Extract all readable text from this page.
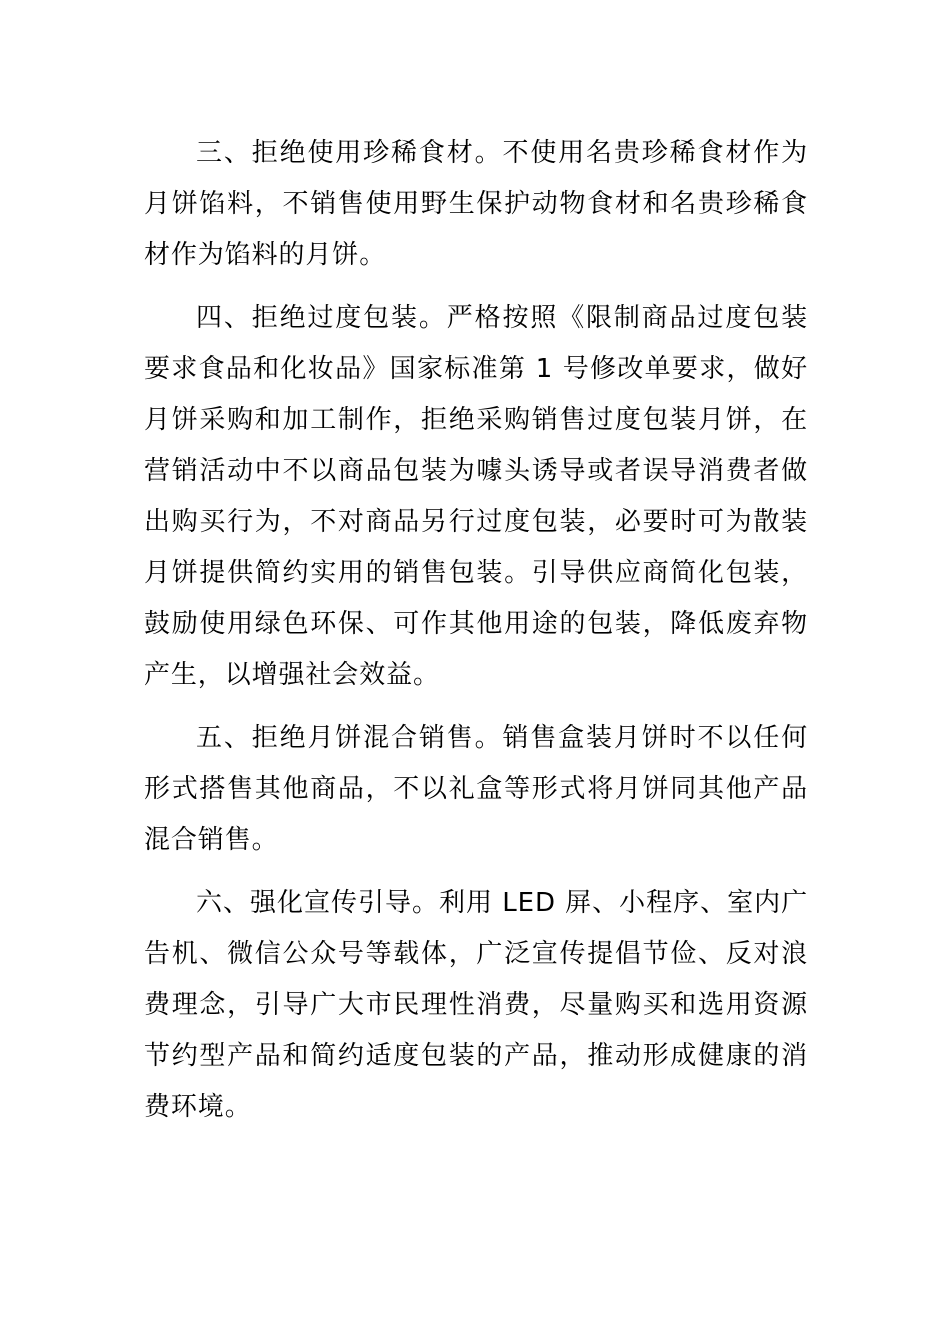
三、拒绝使用珍稀食材。不使用名贵珍稀食材作为月饼馅料，不销售使用野生保护动物食材和名贵珍稀食材作为馅料的月饼。

四、拒绝过度包装。严格按照《限制商品过度包装要求食品和化妆品》国家标准第 1 号修改单要求，做好月饼采购和加工制作，拒绝采购销售过度包装月饼，在营销活动中不以商品包装为噱头诱导或者误导消费者做出购买行为，不对商品另行过度包装，必要时可为散装月饼提供简约实用的销售包装。引导供应商简化包装，鼓励使用绿色环保、可作其他用途的包装，降低废弃物产生，以增强社会效益。

五、拒绝月饼混合销售。销售盒装月饼时不以任何形式搭售其他商品，不以礼盒等形式将月饼同其他产品混合销售。

六、强化宣传引导。利用 LED 屏、小程序、室内广告机、微信公众号等载体，广泛宣传提倡节俭、反对浪费理念，引导广大市民理性消费，尽量购买和选用资源节约型产品和简约适度包装的产品，推动形成健康的消费环境。
